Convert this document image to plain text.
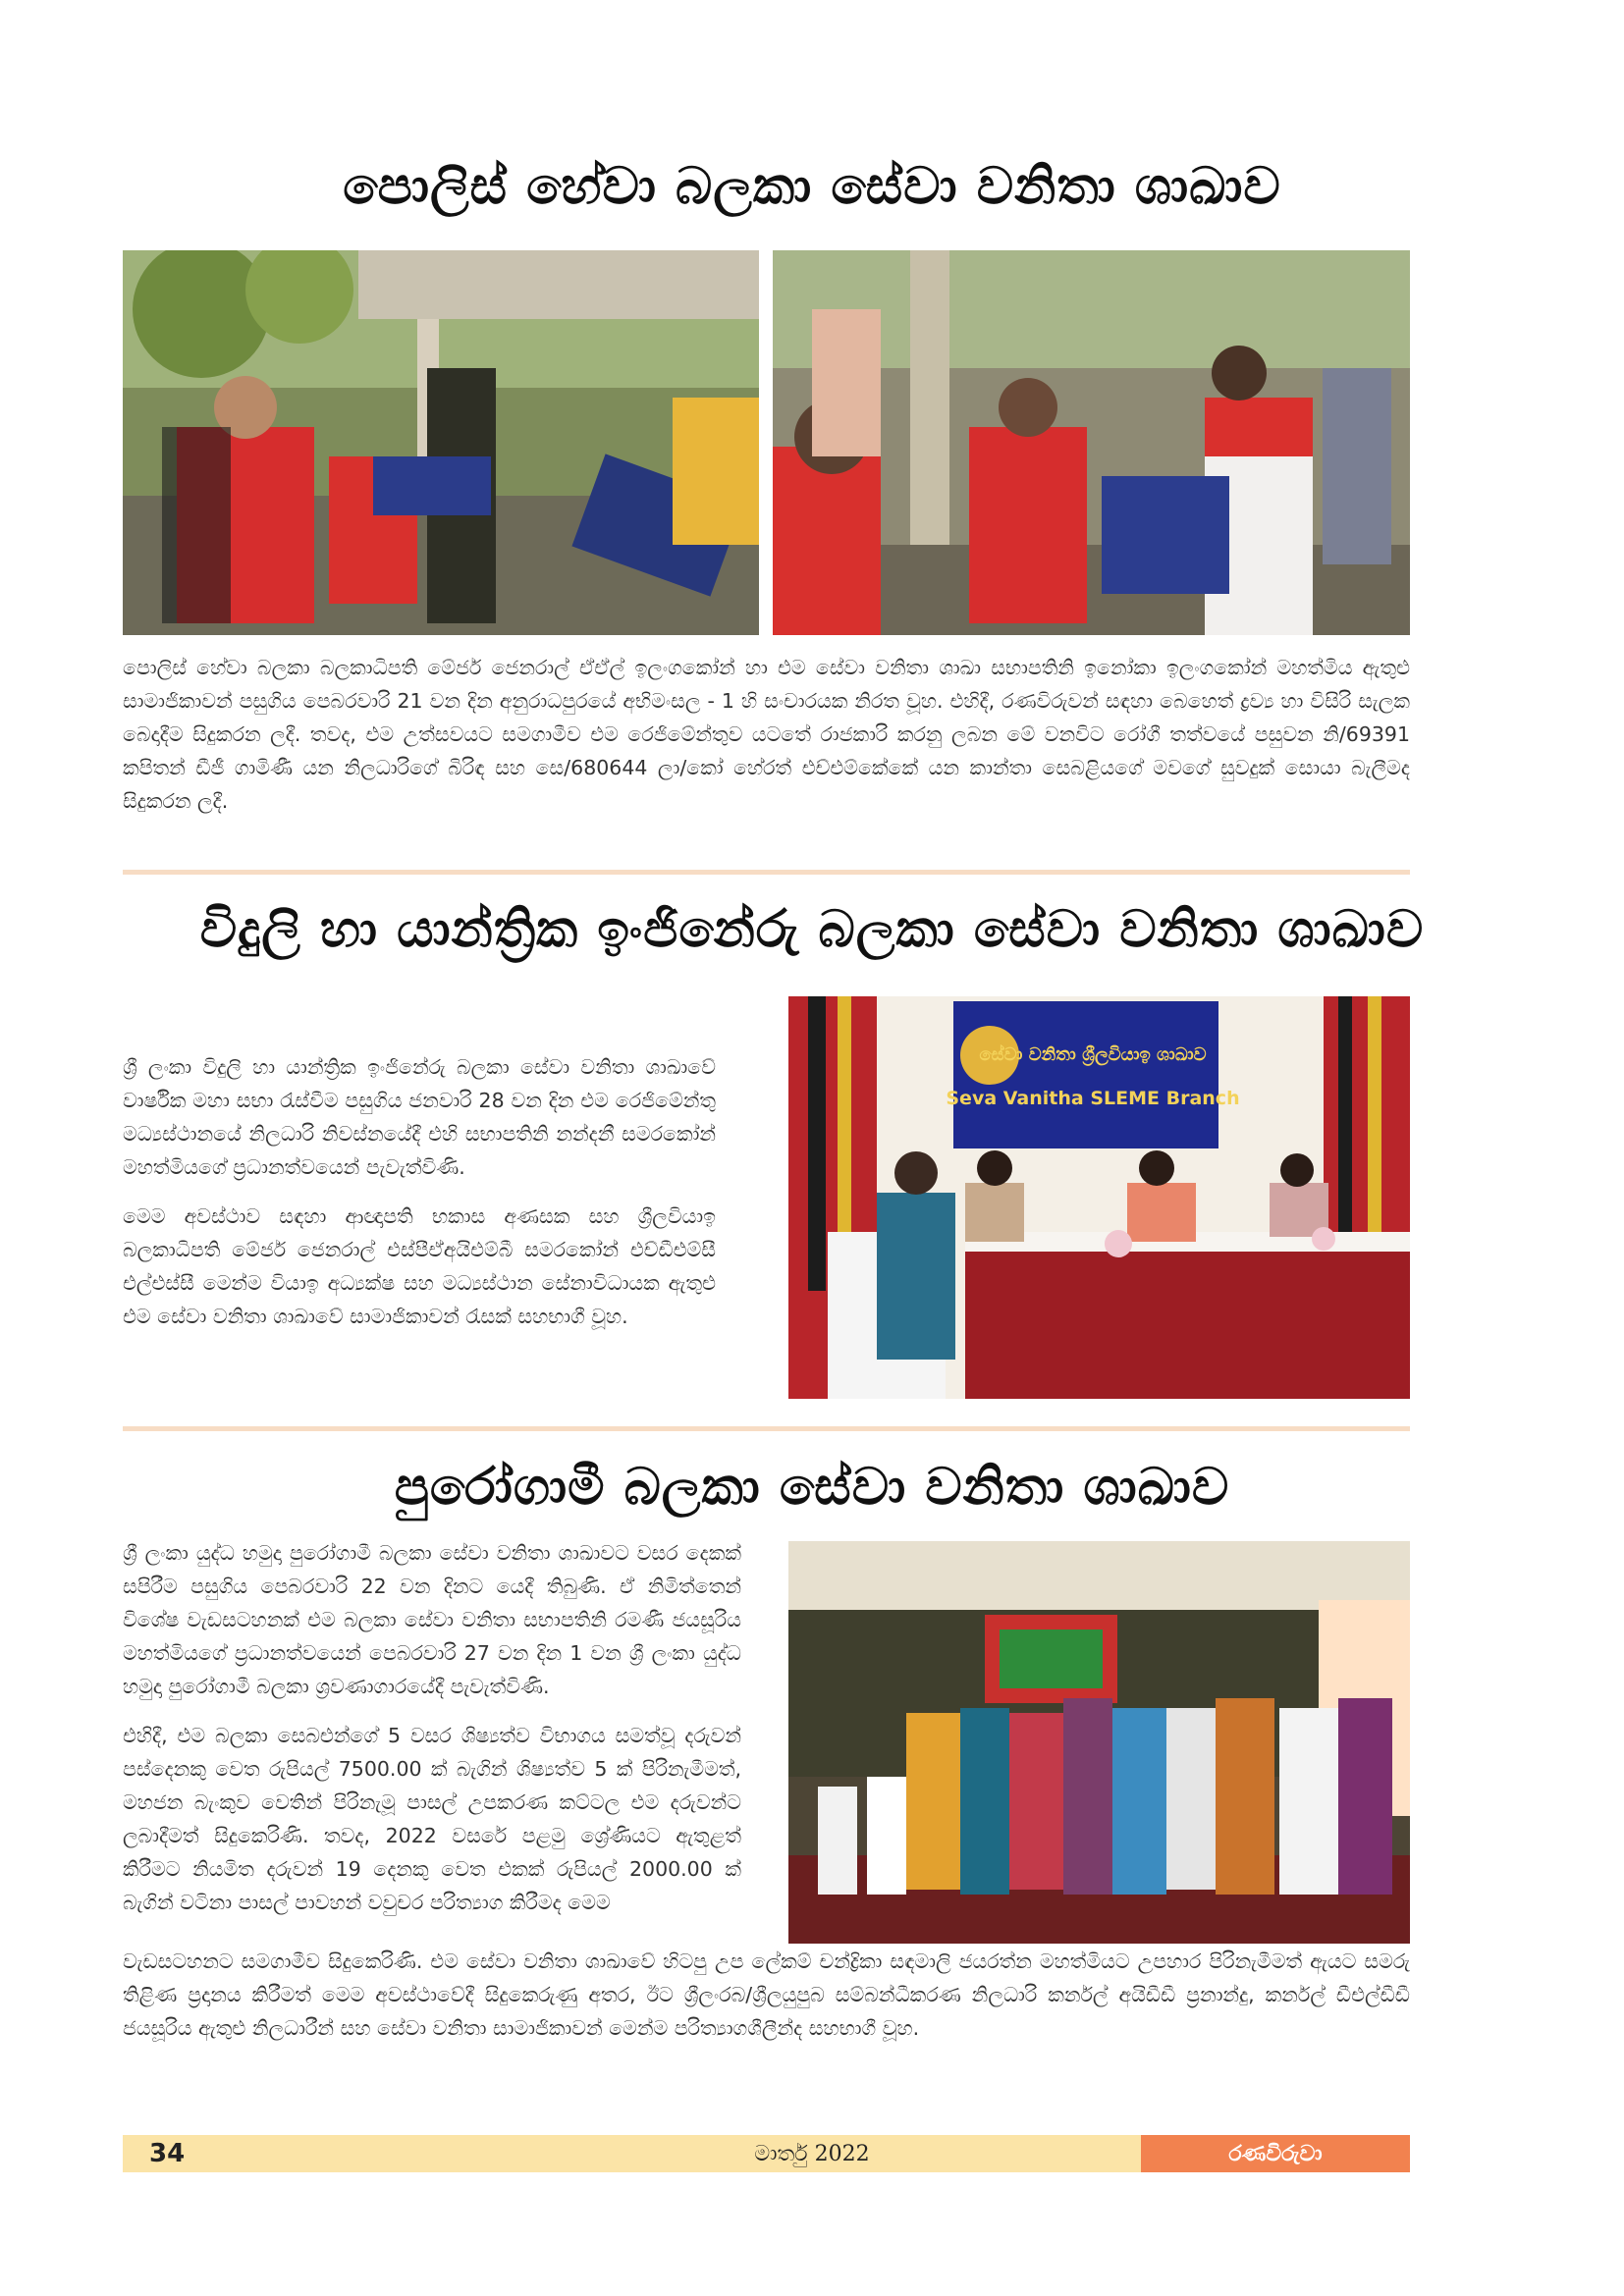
පොලිස් හේවා බලකා සේවා වනිතා ශාඛාව
පොලිස් හේවා බලකා බලකාධිපති මේජර් ජෙනරාල් ඒඒල් ඉලංගකෝන් හා එම සේවා වනිතා ශාඛා සභාපතිනි ඉනෝකා ඉලංගකෝන් මහත්මිය ඇතුළු සාමාජිකාවන් පසුගිය පෙබරවාරි 21 වන දින අනුරාධපුරයේ අභිමංසල - 1 හි සංචාරයක නිරත වූහ. එහිදී, රණවිරුවන් සඳහා බෙහෙත් ද්‍රව්‍ය හා විසිරි සැලක බෙදාදීම සිදුකරන ලදී. තවද, එම උත්සවයට සමගාමීව එම රෙජිමේන්තුව යටතේ රාජකාරි කරනු ලබන මේ වනවිට රෝගී තත්වයේ පසුවන නි/69391 කපිතන් ඩීජී ගාමිණී යන නිලධාරිගේ බිරිඳ සහ සෙ/680644 ලා/කෝ හේරත් එච්එම්කේකේ යන කාන්තා සෙබළියගේ මවගේ සුවදුක් සොයා බැලීමද සිදුකරන ලදී.
විදුලි හා යාන්ත්‍රික ඉංජිනේරු බලකා සේවා වනිතා ශාඛාව

ශ්‍රී ලංකා විදුලි හා යාන්ත්‍රික ඉංජිනේරු බලකා සේවා වනිතා ශාඛාවේ වාර්ෂික මහා සභා රැස්වීම පසුගිය ජනවාරි 28 වන දින එම රෙජිමේන්තු මධ්‍යස්ථානයේ නිලධාරි නිවස්නයේදී එහි සභාපතිනි නන්දනී සමරකෝන් මහත්මියගේ ප්‍රධානත්වයෙන් පැවැත්විණි.

මෙම අවස්ථාව සඳහා ආඥාපති භකාස අණසක සහ ශ්‍රීලවියාඉ බලකාධිපති මේජර් ජෙනරාල් එස්පීඒඅයිඑම්බී සමරකෝන් එච්ඩීඑම්සී එල්එස්සී මෙන්ම වියාඉ අධ්‍යක්ෂ සහ මධ්‍යස්ථාන සේනාවිධායක ඇතුළු එම සේවා වනිතා ශාඛාවේ සාමාජිකාවන් රැසක් සහභාගී වූහ.

සේවා වනිතා ශ්‍රීලවියාඉ ශාඛාව
Seva Vanitha SLEME Branch
පුරෝගාමී බලකා සේවා වනිතා ශාඛාව

ශ්‍රී ලංකා යුද්ධ හමුදා පුරෝගාමී බලකා සේවා වනිතා ශාඛාවට වසර දෙකක් සපිරීම පසුගිය පෙබරවාරි 22 වන දිනට යෙදී තිබුණි. ඒ නිමිත්තෙන් විශේෂ වැඩසටහනක් එම බලකා සේවා වනිතා සභාපතිනි රමණී ජයසූරිය මහත්මියගේ ප්‍රධානත්වයෙන් පෙබරවාරි 27 වන දින 1 වන ශ්‍රී ලංකා යුද්ධ හමුදා පුරෝගාමී බලකා ශ්‍රවණාගාරයේදී පැවැත්විණි.

එහිදී, එම බලකා සෙබළුන්ගේ 5 වසර ශිෂ්‍යත්ව විභාගය සමත්වූ දරුවන් පස්දෙනකු වෙත රුපියල් 7500.00 ක් බැගින් ශිෂ්‍යත්ව 5 ක් පිරිනැමීමත්, මහජන බැංකුව වෙතින් පිරිනැමූ පාසල් උපකරණ කට්ටල එම දරුවන්ට ලබාදීමත් සිදුකෙරිණි. තවද, 2022 වසරේ පළමු ශ්‍රේණියට ඇතුළත් කිරීමට නියමිත දරුවන් 19 දෙනකු වෙත එකක් රුපියල් 2000.00 ක් බැගින් වටිනා පාසල් පාවහන් වවුචර පරිත්‍යාග කිරීමද මෙම

වැඩසටහනට සමගාමීව සිදුකෙරිණි. එම සේවා වනිතා ශාඛාවේ හිටපු උප ලේකම් චන්ද්‍රිකා සඳමාලි ජයරත්න මහත්මියට උපහාර පිරිනැමීමත් ඇයට සමරු තිළිණ ප්‍රදානය කිරීමත් මෙම අවස්ථාවේදී සිදුකෙරුණු අතර, ඊට ශ්‍රීලංරබ/ශ්‍රීලයුපුබ සම්බන්ධීකරණ නිලධාරි කර්නල් අයිඩීඩී ප්‍රනාන්දු, කර්නල් ඩීඑල්ඩීඩී ජයසූරිය ඇතුළු නිලධාරීන් සහ සේවා වනිතා සාමාජිකාවන් මෙන්ම පරිත්‍යාගශීලීන්ද සහභාගී වූහ.
34	මාර්තු 2022	රණවිරුවා
